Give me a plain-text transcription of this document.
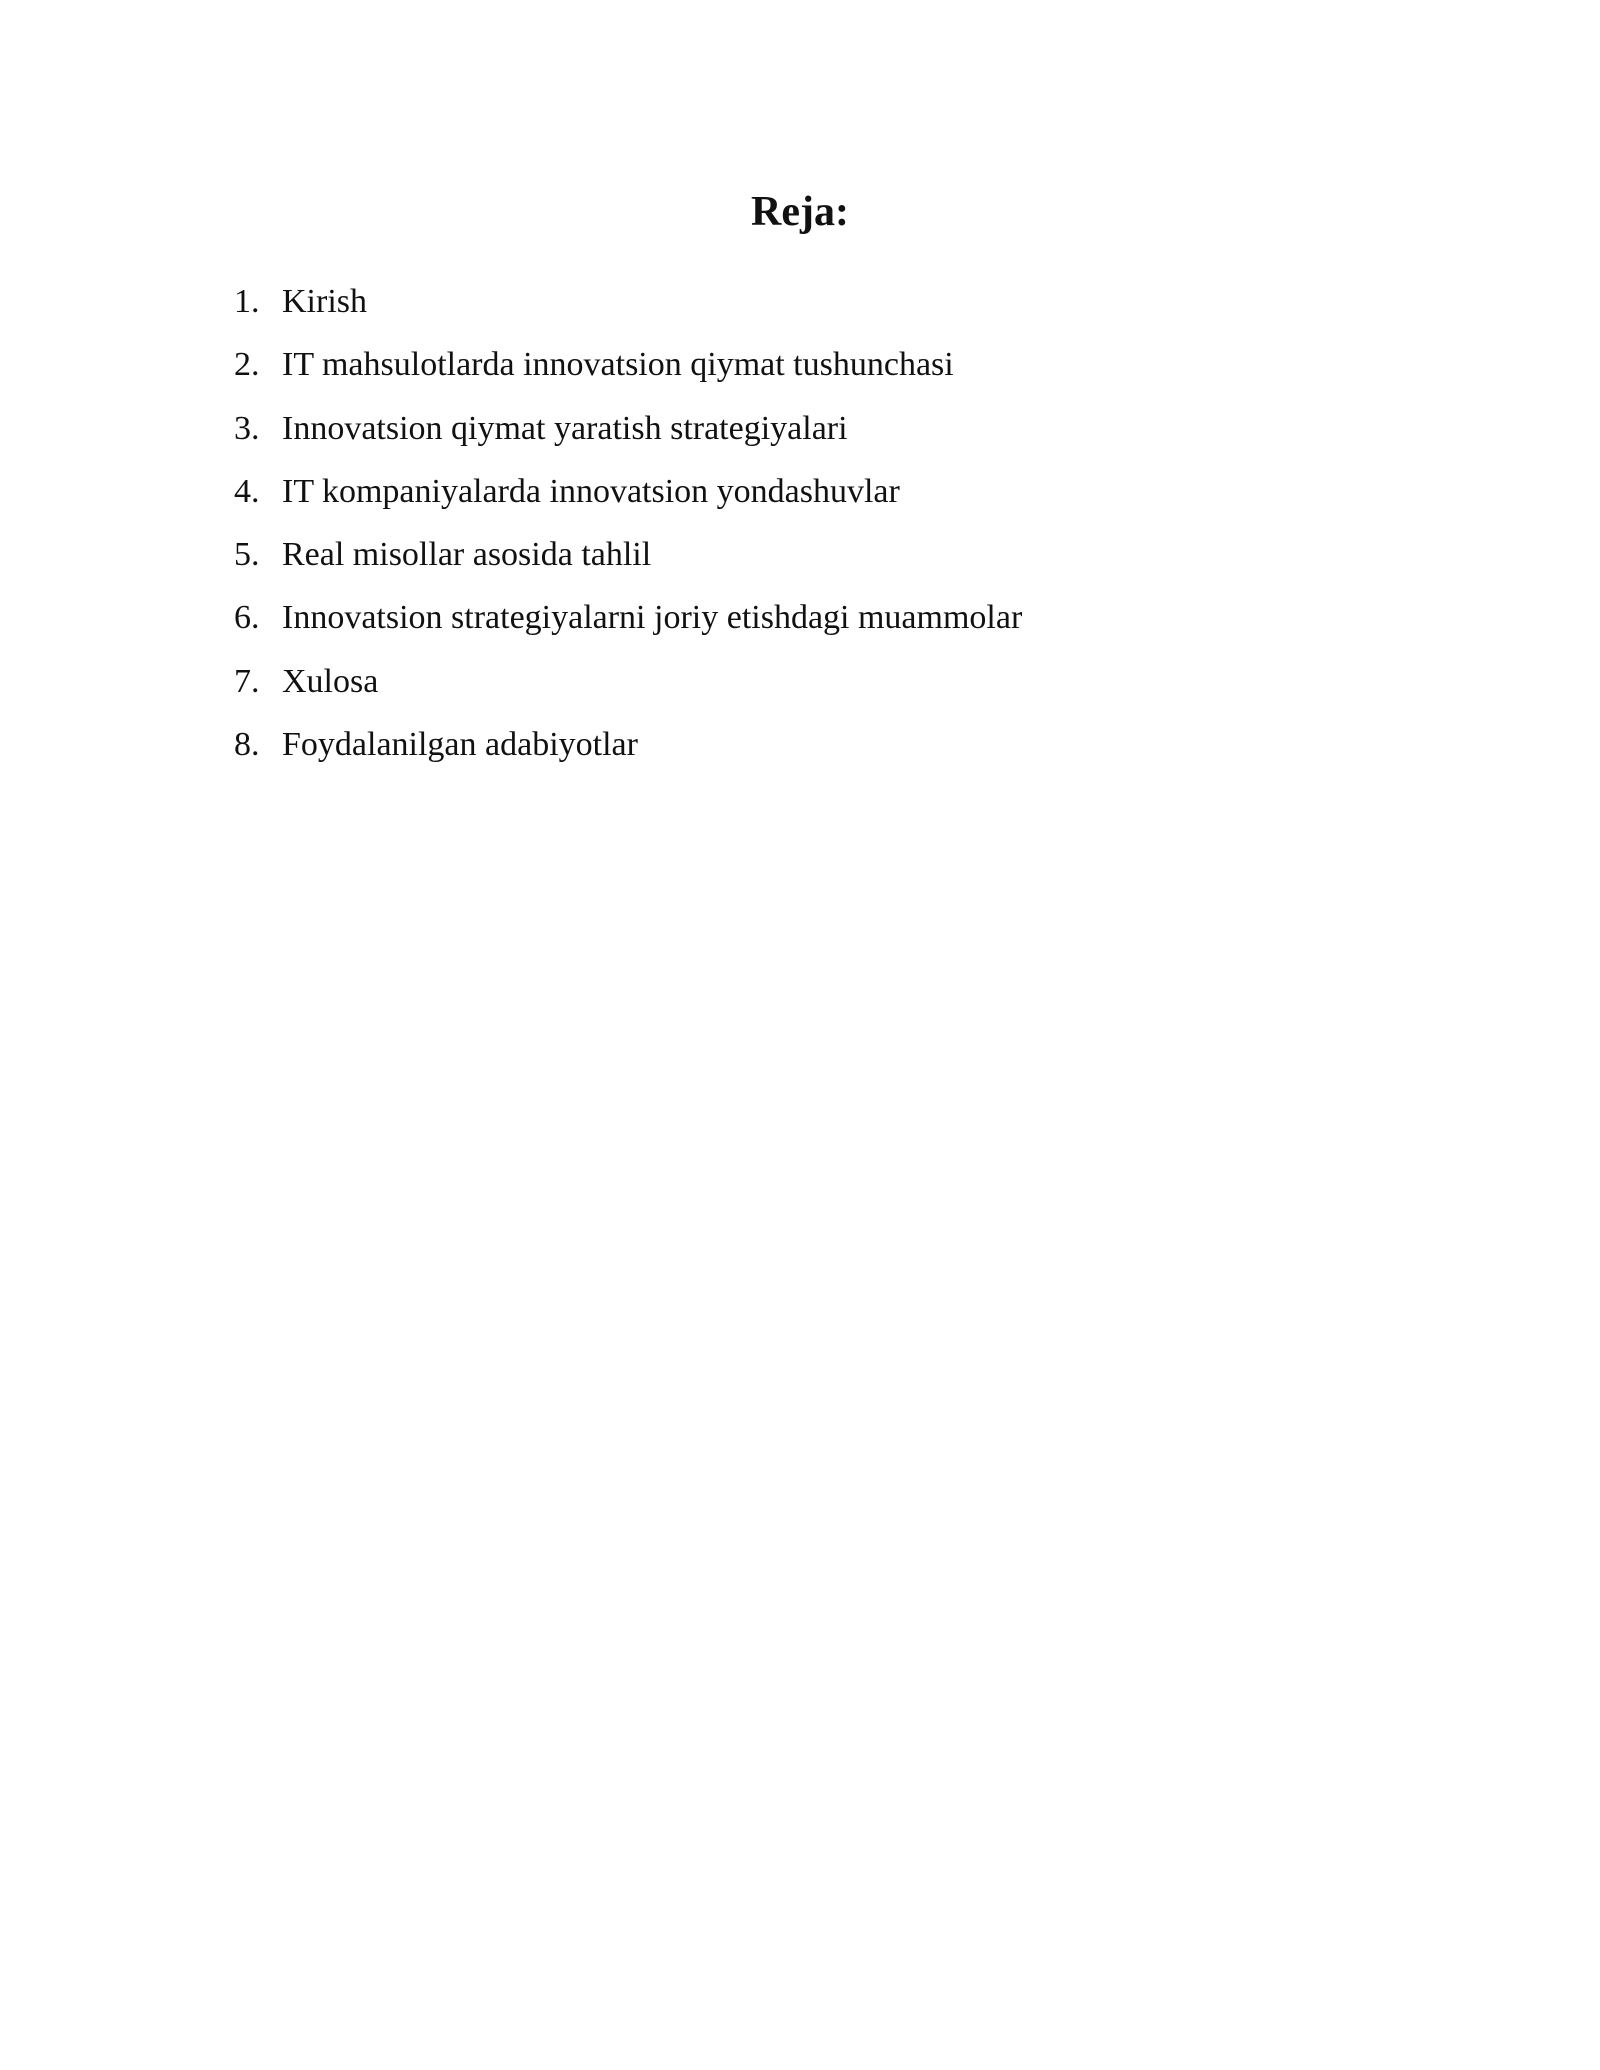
Reja:
1. Kirish
2. IT mahsulotlarda innovatsion qiymat tushunchasi
3. Innovatsion qiymat yaratish strategiyalari
4. IT kompaniyalarda innovatsion yondashuvlar
5. Real misollar asosida tahlil
6. Innovatsion strategiyalarni joriy etishdagi muammolar
7. Xulosa
8. Foydalanilgan adabiyotlar
